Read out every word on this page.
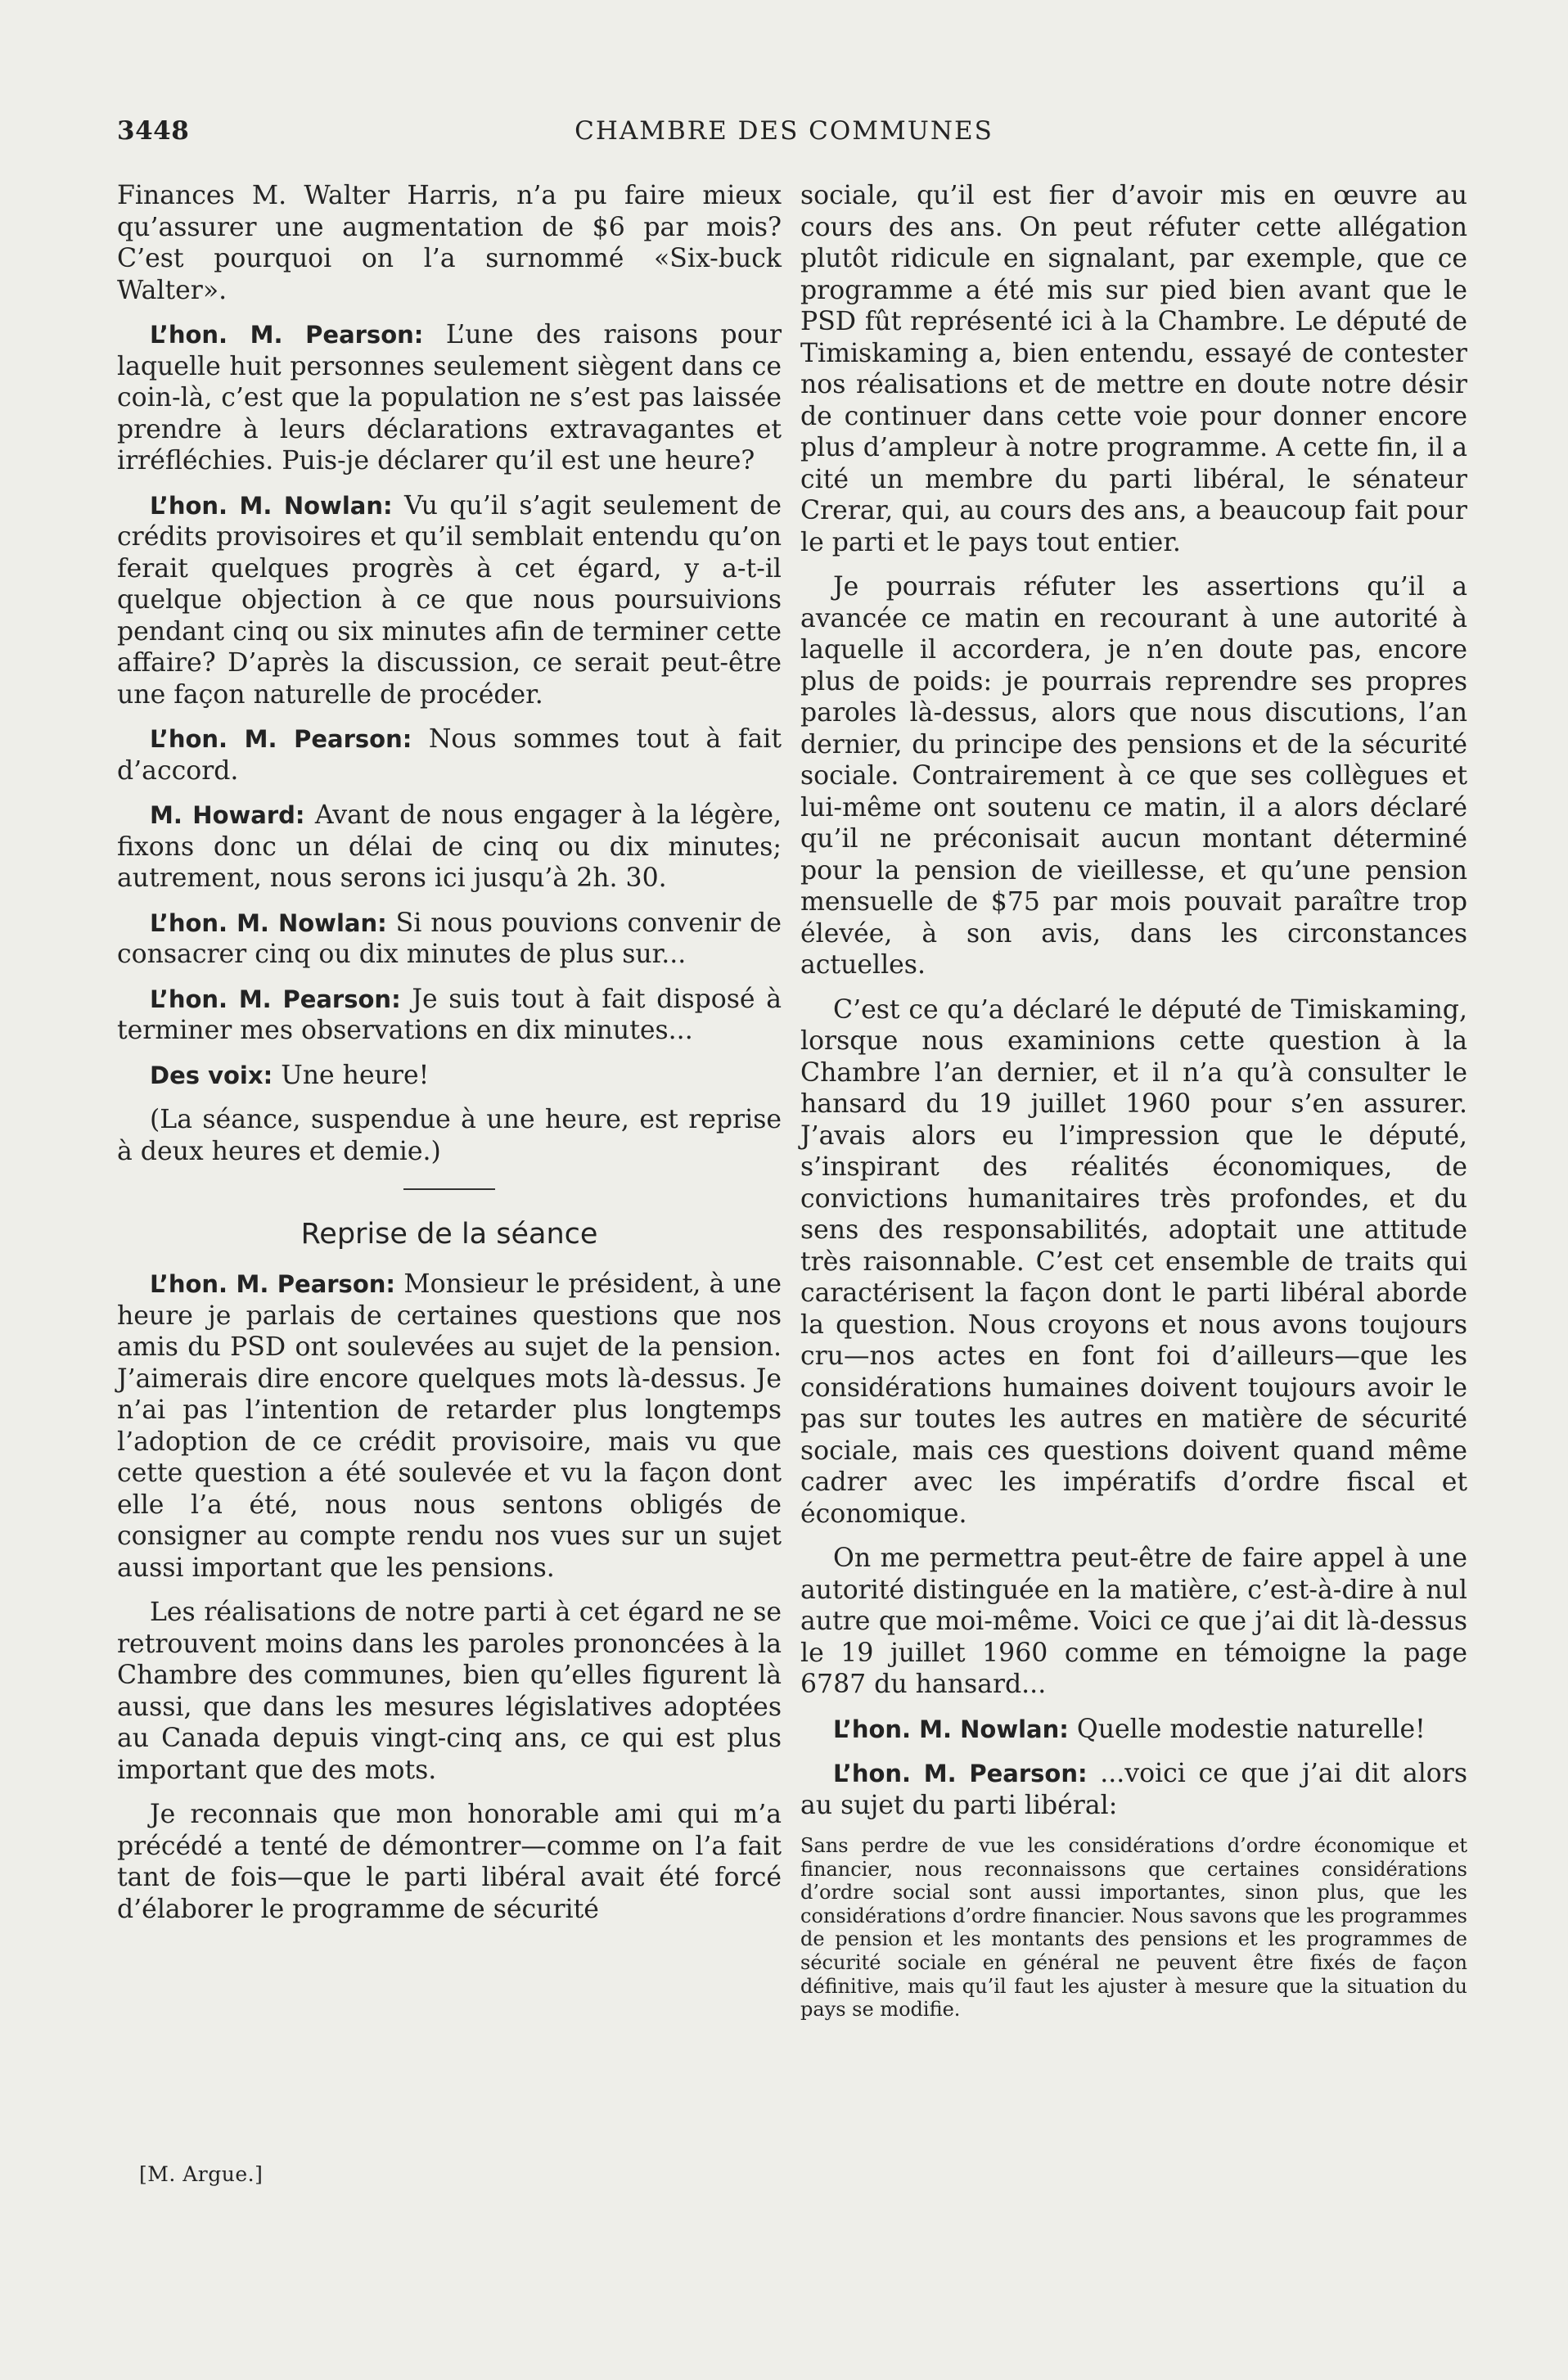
3448	CHAMBRE DES COMMUNES

Finances M. Walter Harris, n’a pu faire mieux qu’assurer une augmentation de $6 par mois? C’est pourquoi on l’a surnommé «Six-buck Walter».

L’hon. M. Pearson: L’une des raisons pour laquelle huit personnes seulement siègent dans ce coin-là, c’est que la population ne s’est pas laissée prendre à leurs déclarations extravagantes et irréfléchies. Puis-je déclarer qu’il est une heure?

L’hon. M. Nowlan: Vu qu’il s’agit seulement de crédits provisoires et qu’il semblait entendu qu’on ferait quelques progrès à cet égard, y a-t-il quelque objection à ce que nous poursuivions pendant cinq ou six minutes afin de terminer cette affaire? D’après la discussion, ce serait peut-être une façon naturelle de procéder.

L’hon. M. Pearson: Nous sommes tout à fait d’accord.

M. Howard: Avant de nous engager à la légère, fixons donc un délai de cinq ou dix minutes; autrement, nous serons ici jusqu’à 2h. 30.

L’hon. M. Nowlan: Si nous pouvions convenir de consacrer cinq ou dix minutes de plus sur...

L’hon. M. Pearson: Je suis tout à fait disposé à terminer mes observations en dix minutes...

Des voix: Une heure!

(La séance, suspendue à une heure, est reprise à deux heures et demie.)

Reprise de la séance

L’hon. M. Pearson: Monsieur le président, à une heure je parlais de certaines questions que nos amis du PSD ont soulevées au sujet de la pension. J’aimerais dire encore quelques mots là-dessus. Je n’ai pas l’intention de retarder plus longtemps l’adoption de ce crédit provisoire, mais vu que cette question a été soulevée et vu la façon dont elle l’a été, nous nous sentons obligés de consigner au compte rendu nos vues sur un sujet aussi important que les pensions.

Les réalisations de notre parti à cet égard ne se retrouvent moins dans les paroles prononcées à la Chambre des communes, bien qu’elles figurent là aussi, que dans les mesures législatives adoptées au Canada depuis vingt-cinq ans, ce qui est plus important que des mots.

Je reconnais que mon honorable ami qui m’a précédé a tenté de démontrer—comme on l’a fait tant de fois—que le parti libéral avait été forcé d’élaborer le programme de sécurité

sociale, qu’il est fier d’avoir mis en œuvre au cours des ans. On peut réfuter cette allégation plutôt ridicule en signalant, par exemple, que ce programme a été mis sur pied bien avant que le PSD fût représenté ici à la Chambre. Le député de Timiskaming a, bien entendu, essayé de contester nos réalisations et de mettre en doute notre désir de continuer dans cette voie pour donner encore plus d’ampleur à notre programme. A cette fin, il a cité un membre du parti libéral, le sénateur Crerar, qui, au cours des ans, a beaucoup fait pour le parti et le pays tout entier.

Je pourrais réfuter les assertions qu’il a avancée ce matin en recourant à une autorité à laquelle il accordera, je n’en doute pas, encore plus de poids: je pourrais reprendre ses propres paroles là-dessus, alors que nous discutions, l’an dernier, du principe des pensions et de la sécurité sociale. Contrairement à ce que ses collègues et lui-même ont soutenu ce matin, il a alors déclaré qu’il ne préconisait aucun montant déterminé pour la pension de vieillesse, et qu’une pension mensuelle de $75 par mois pouvait paraître trop élevée, à son avis, dans les circonstances actuelles.

C’est ce qu’a déclaré le député de Timiskaming, lorsque nous examinions cette question à la Chambre l’an dernier, et il n’a qu’à consulter le hansard du 19 juillet 1960 pour s’en assurer. J’avais alors eu l’impression que le député, s’inspirant des réalités économiques, de convictions humanitaires très profondes, et du sens des responsabilités, adoptait une attitude très raisonnable. C’est cet ensemble de traits qui caractérisent la façon dont le parti libéral aborde la question. Nous croyons et nous avons toujours cru—nos actes en font foi d’ailleurs—que les considérations humaines doivent toujours avoir le pas sur toutes les autres en matière de sécurité sociale, mais ces questions doivent quand même cadrer avec les impératifs d’ordre fiscal et économique.

On me permettra peut-être de faire appel à une autorité distinguée en la matière, c’est-à-dire à nul autre que moi-même. Voici ce que j’ai dit là-dessus le 19 juillet 1960 comme en témoigne la page 6787 du hansard...

L’hon. M. Nowlan: Quelle modestie naturelle!

L’hon. M. Pearson: ...voici ce que j’ai dit alors au sujet du parti libéral:

Sans perdre de vue les considérations d’ordre économique et financier, nous reconnaissons que certaines considérations d’ordre social sont aussi importantes, sinon plus, que les considérations d’ordre financier. Nous savons que les programmes de pension et les montants des pensions et les programmes de sécurité sociale en général ne peuvent être fixés de façon définitive, mais qu’il faut les ajuster à mesure que la situation du pays se modifie.
[M. Argue.]
